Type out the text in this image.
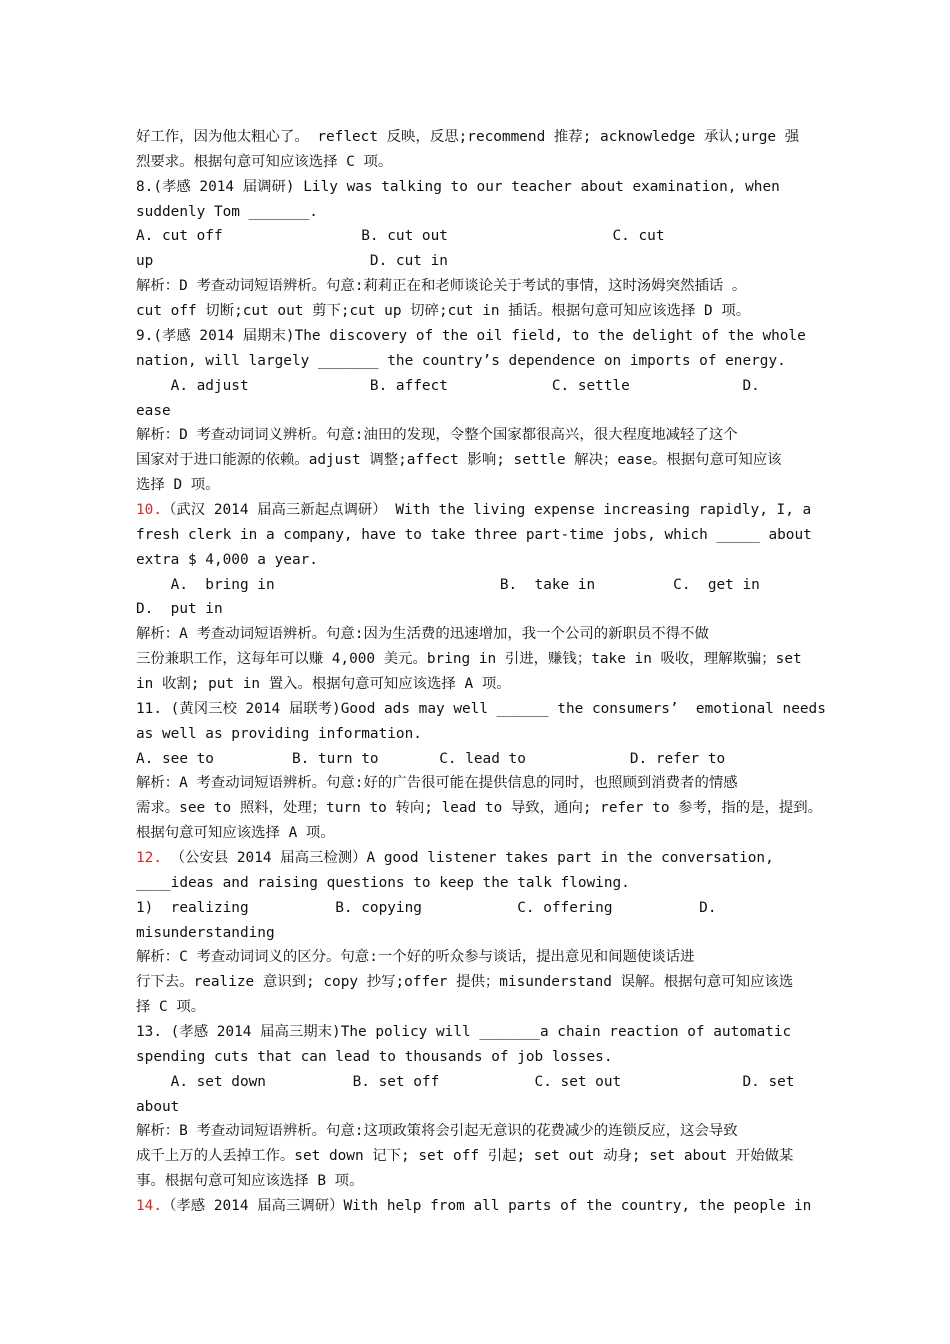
好工作，因为他太粗心了。 reflect 反映，反思;recommend 推荐; acknowledge 承认;urge 强
烈要求。根据句意可知应该选择 C 项。
8.(孝感 2014 届调研) Lily was talking to our teacher about examination, when
suddenly Tom _______.
A. cut off                B. cut out                   C. cut
up                         D. cut in
解析：D 考查动词短语辨析。句意:莉莉正在和老师谈论关于考试的事情，这时汤姆突然插话 。
cut off 切断;cut out 剪下;cut up 切碎;cut in 插话。根据句意可知应该选择 D 项。
9.(孝感 2014 届期末)The discovery of the oil field, to the delight of the whole
nation, will largely _______ the country’s dependence on imports of energy.
A. adjust              B. affect            C. settle             D.
ease
解析：D 考查动词词义辨析。句意:油田的发现，令整个国家都很高兴，很大程度地减轻了这个
国家对于进口能源的依赖。adjust 调整;affect 影响; settle 解决；ease。根据句意可知应该
选择 D 项。
10.（武汉 2014 届高三新起点调研） With the living expense increasing rapidly, I, a
fresh clerk in a company, have to take three part-time jobs, which _____ about
extra $ 4,000 a year.
A.  bring in                          B.  take in         C.  get in
D.  put in
解析：A 考查动词短语辨析。句意:因为生活费的迅速增加，我一个公司的新职员不得不做
三份兼职工作，这每年可以赚 4,000 美元。bring in 引进，赚钱；take in 吸收，理解欺骗；set
in 收割; put in 置入。根据句意可知应该选择 A 项。
11. (黄冈三校 2014 届联考)Good ads may well ______ the consumers’  emotional needs
as well as providing information.
A. see to         B. turn to       C. lead to            D. refer to
解析：A 考查动词短语辨析。句意:好的广告很可能在提供信息的同时，也照顾到消费者的情感
需求。see to 照料，处理；turn to 转向; lead to 导致，通向; refer to 参考，指的是，提到。
根据句意可知应该选择 A 项。
12. （公安县 2014 届高三检测）A good listener takes part in the conversation,
____ideas and raising questions to keep the talk flowing.
1)  realizing          B. copying           C. offering          D.
misunderstanding
解析：C 考查动词词义的区分。句意:一个好的听众参与谈话，提出意见和间题使谈话进
行下去。realize 意识到; copy 抄写;offer 提供；misunderstand 误解。根据句意可知应该选
择 C 项。
13. (孝感 2014 届高三期末)The policy will _______a chain reaction of automatic
spending cuts that can lead to thousands of job losses.
A. set down          B. set off           C. set out              D. set
about
解析：B 考查动词短语辨析。句意:这项政策将会引起无意识的花费减少的连锁反应，这会导致
成千上万的人丢掉工作。set down 记下; set off 引起; set out 动身; set about 开始做某
事。根据句意可知应该选择 B 项。
14.（孝感 2014 届高三调研）With help from all parts of the country, the people in
